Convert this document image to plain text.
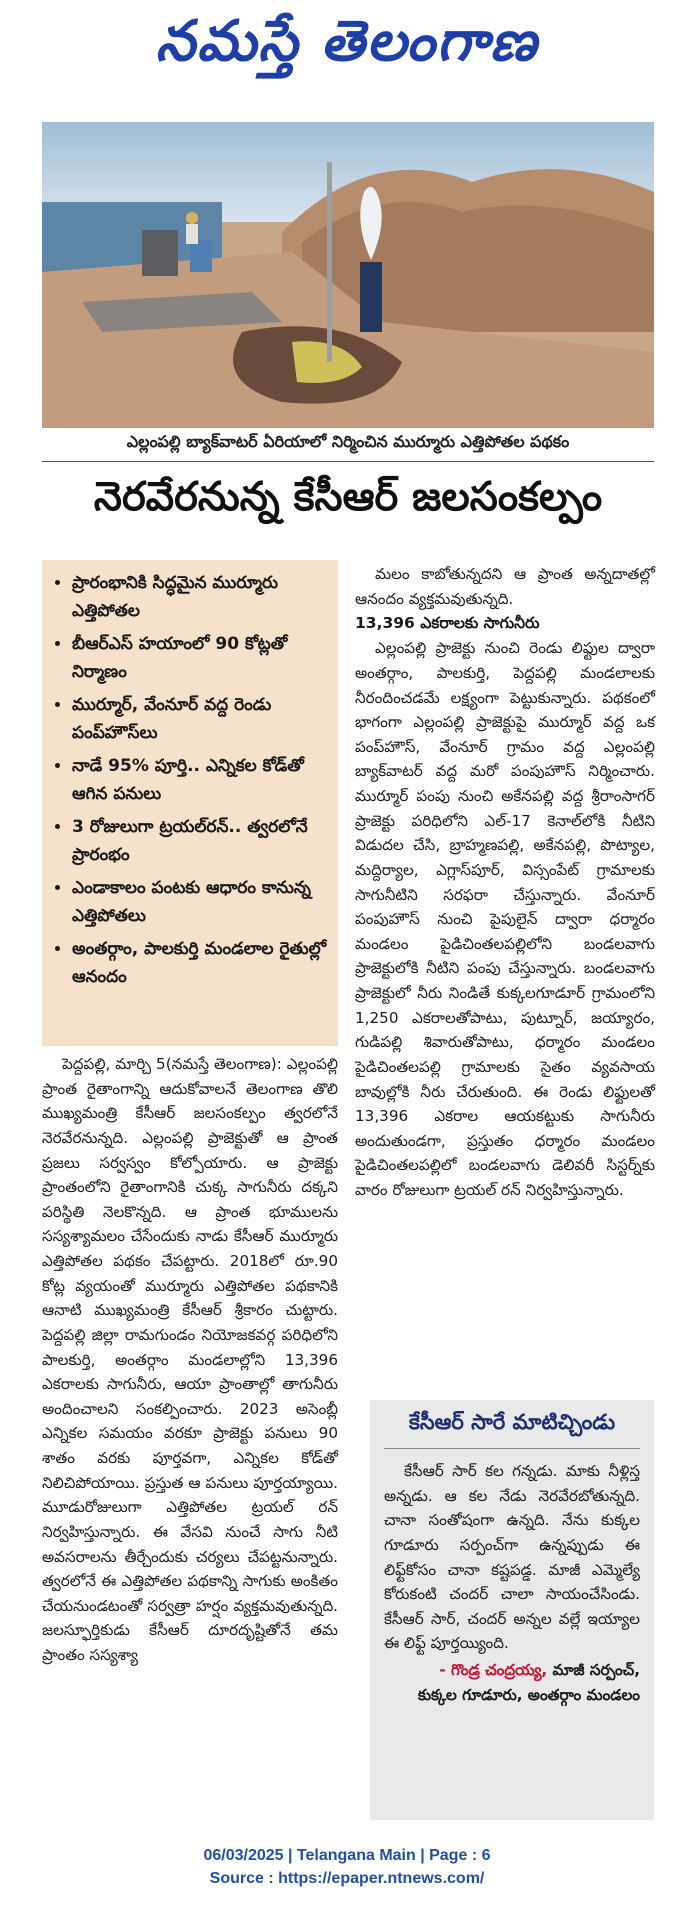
నమస్తే తెలంగాణ
ఎల్లంపల్లి బ్యాక్‌వాటర్‌ ఏరియాలో నిర్మించిన ముర్మూరు ఎత్తిపోతల పథకం
నెరవేరనున్న కేసీఆర్‌ జలసంకల్పం
• ప్రారంభానికి సిద్ధమైన ముర్మూరు ఎత్తిపోతల
• బీఆర్‌ఎస్‌ హయాంలో 90 కోట్లతో నిర్మాణం
• ముర్మూర్‌, వేంనూర్‌ వద్ద రెండు పంప్‌హౌస్‌లు
• నాడే 95% పూర్తి.. ఎన్నికల కోడ్‌తో ఆగిన పనులు
• 3 రోజులుగా ట్రయల్‌రన్‌.. త్వరలోనే ప్రారంభం
• ఎండాకాలం పంటకు ఆధారం కానున్న ఎత్తిపోతలు
• అంతర్గాం, పాలకుర్తి మండలాల రైతుల్లో ఆనందం

పెద్దపల్లి, మార్చి 5(నమస్తే తెలంగాణ): ఎల్లంపల్లి ప్రాంత రైతాంగాన్ని ఆదుకోవాలనే తెలంగాణ తొలి ముఖ్యమంత్రి కేసీఆర్‌ జలసంకల్పం త్వరలోనే నెరవేరనున్నది. ఎల్లంపల్లి ప్రాజెక్టుతో ఆ ప్రాంత ప్రజలు సర్వస్వం కోల్పోయారు. ఆ ప్రాజెక్టు ప్రాంతంలోని రైతాంగానికి చుక్క సాగునీరు దక్కని పరిస్థితి నెలకొన్నది. ఆ ప్రాంత భూములను సస్యశ్యామలం చేసేందుకు నాడు కేసీఆర్‌ ముర్మూరు ఎత్తిపోతల పథకం చేపట్టారు. 2018లో రూ.90 కోట్ల వ్యయంతో ముర్మూరు ఎత్తిపోతల పథకానికి ఆనాటి ముఖ్యమంత్రి కేసీఆర్‌ శ్రీకారం చుట్టారు. పెద్దపల్లి జిల్లా రామగుండం నియోజకవర్గ పరిధిలోని పాలకుర్తి, అంతర్గాం మండలాల్లోని 13,396 ఎకరాలకు సాగునీరు, ఆయా ప్రాంతాల్లో తాగునీరు అందించాలని సంకల్పించారు. 2023 అసెంబ్లీ ఎన్నికల సమయం వరకూ ప్రాజెక్టు పనులు 90 శాతం వరకు పూర్తవగా, ఎన్నికల కోడ్‌తో నిలిచిపోయాయి. ప్రస్తుత ఆ పనులు పూర్తయ్యాయి. మూడురోజులుగా ఎత్తిపోతల ట్రయల్‌ రన్‌ నిర్వహిస్తున్నారు. ఈ వేసవి నుంచే సాగు నీటి అవసరాలను తీర్చేందుకు చర్యలు చేపట్టనున్నారు. త్వరలోనే ఈ ఎత్తిపోతల పథకాన్ని సాగుకు అంకితం చేయనుండటంతో సర్వత్రా హర్షం వ్యక్తమవుతున్నది. జలస్ఫూర్తికుడు కేసీఆర్‌ దూరదృష్టితోనే తమ ప్రాంతం సస్యశ్యా

మలం కాబోతున్నదని ఆ ప్రాంత అన్నదాతల్లో ఆనందం వ్యక్తమవుతున్నది.

13,396 ఎకరాలకు సాగునీరు

ఎల్లంపల్లి ప్రాజెక్టు నుంచి రెండు లిఫ్టుల ద్వారా అంతర్గాం, పాలకుర్తి, పెద్దపల్లి మండలాలకు నీరందించడమే లక్ష్యంగా పెట్టుకున్నారు. పథకంలో భాగంగా ఎల్లంపల్లి ప్రాజెక్టుపై ముర్మూర్‌ వద్ద ఒక పంప్‌హౌస్‌, వేంనూర్‌ గ్రామం వద్ద ఎల్లంపల్లి బ్యాక్‌వాటర్‌ వద్ద మరో పంపుహౌస్‌ నిర్మించారు. ముర్మూర్‌ పంపు నుంచి అకేనపల్లి వద్ద శ్రీరాంసాగర్‌ ప్రాజెక్టు పరిధిలోని ఎల్‌-17 కెనాల్‌లోకి నీటిని విడుదల చేసి, బ్రాహ్మణపల్లి, అకేనపల్లి, పొట్యాల, మద్దిర్యాల, ఎగ్లాస్‌పూర్‌, విస్సంపేట్‌ గ్రామాలకు సాగునీటిని సరఫరా చేస్తున్నారు. వేంనూర్‌ పంపుహౌస్‌ నుంచి పైపులైన్‌ ద్వారా ధర్మారం మండలం పైడిచింతలపల్లిలోని బండలవాగు ప్రాజెక్టులోకి నీటిని పంపు చేస్తున్నారు. బండలవాగు ప్రాజెక్టులో నీరు నిండితే కుక్కలగూడూర్‌ గ్రామంలోని 1,250 ఎకరాలతోపాటు, పుట్నూర్‌, జయ్యారం, గుడిపల్లి శివారుతోపాటు, ధర్మారం మండలం పైడిచింతలపల్లి గ్రామాలకు సైతం వ్యవసాయ బావుల్లోకి నీరు చేరుతుంది. ఈ రెండు లిఫ్టులతో 13,396 ఎకరాల ఆయకట్టుకు సాగునీరు అందుతుండగా, ప్రస్తుతం ధర్మారం మండలం పైడిచింతలపల్లిలో బండలవాగు డెలివరీ సిస్టర్న్‌కు వారం రోజులుగా ట్రయల్‌ రన్‌ నిర్వహిస్తున్నారు.

కేసీఆర్‌ సారే మాటిచ్చిండు
కేసీఆర్‌ సార్‌ కల గన్నడు. మాకు నీళ్లిస్త అన్నడు. ఆ కల నేడు నెరవేరబోతున్నది. చానా సంతోషంగా ఉన్నది. నేను కుక్కల గూడూరు సర్పంచ్‌గా ఉన్నప్పుడు ఈ లిఫ్ట్‌కోసం చానా కష్టపడ్డ. మాజీ ఎమ్మెల్యే కోరుకంటి చందర్‌ చాలా సాయంచేసిండు. కేసీఆర్‌ సార్‌, చందర్‌ అన్నల వల్లే ఇయ్యాల ఈ లిఫ్ట్‌ పూర్తయ్యింది.
- గొండ్ర చంద్రయ్య, మాజీ సర్పంచ్‌,
కుక్కల గూడూరు, అంతర్గాం మండలం
06/03/2025 | Telangana Main | Page : 6
Source : https://epaper.ntnews.com/
